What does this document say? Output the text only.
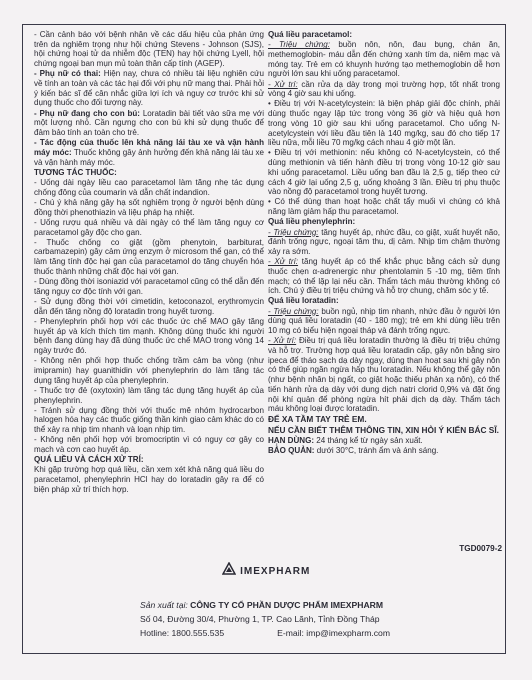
- Cần cảnh báo với bệnh nhân về các dấu hiệu của phản ứng trên da nghiêm trọng như hội chứng Stevens - Johnson (SJS), hội chứng hoại tử da nhiễm độc (TEN) hay hội chứng Lyell, hội chứng ngoại ban mụn mủ toàn thân cấp tính (AGEP).

- Phụ nữ có thai: Hiện nay, chưa có nhiều tài liệu nghiên cứu về tính an toàn và các tác hại đối với phụ nữ mang thai. Phải hỏi ý kiến bác sĩ để cân nhắc giữa lợi ích và nguy cơ trước khi sử dụng thuốc cho đối tượng này.

- Phụ nữ đang cho con bú: Loratadin bài tiết vào sữa mẹ với một lượng nhỏ. Cần ngưng cho con bú khi sử dụng thuốc để đảm bảo tính an toàn cho trẻ.

- Tác động của thuốc lên khả năng lái tàu xe và vận hành máy móc: Thuốc không gây ảnh hưởng đến khả năng lái tàu xe và vận hành máy móc.

TƯƠNG TÁC THUỐC:

- Uống dài ngày liều cao paracetamol làm tăng nhẹ tác dụng chống đông của coumarin và dẫn chất indandion.

- Chú ý khả năng gây hạ sốt nghiêm trọng ở người bệnh dùng đồng thời phenothiazin và liệu pháp hạ nhiệt.

- Uống rượu quá nhiều và dài ngày có thể làm tăng nguy cơ paracetamol gây độc cho gan.

- Thuốc chống co giật (gồm phenytoin, barbiturat, carbamazepin) gây cảm ứng enzym ở microsom thể gan, có thể làm tăng tính độc hại gan của paracetamol do tăng chuyển hóa thuốc thành những chất độc hại với gan.

- Dùng đồng thời isoniazid với paracetamol cũng có thể dẫn đến tăng nguy cơ độc tính với gan.

- Sử dụng đồng thời với cimetidin, ketoconazol, erythromycin dẫn đến tăng nồng độ loratadin trong huyết tương.

- Phenylephrin phối hợp với các thuốc ức chế MAO gây tăng huyết áp và kích thích tim mạnh. Không dùng thuốc khi người bệnh đang dùng hay đã dùng thuốc ức chế MAO trong vòng 14 ngày trước đó.

- Không nên phối hợp thuốc chống trầm cảm ba vòng (như imipramin) hay guanithidin với phenylephrin do làm tăng tác dụng tăng huyết áp của phenylephrin.

- Thuốc trợ đẻ (oxytoxin) làm tăng tác dụng tăng huyết áp của phenylephrin.

- Tránh sử dụng đồng thời với thuốc mê nhóm hydrocarbon halogen hóa hay các thuốc giống thần kinh giao cảm khác do có thể xảy ra nhịp tim nhanh và loạn nhịp tim.

- Không nên phối hợp với bromocriptin vì có nguy cơ gây co mạch và cơn cao huyết áp.

QUÁ LIỀU VÀ CÁCH XỬ TRÍ:

Khi gặp trường hợp quá liều, cần xem xét khả năng quá liều do paracetamol, phenylephrin HCl hay do loratadin gây ra để có biện pháp xử trí thích hợp.

Quá liều paracetamol:

- Triệu chứng: buồn nôn, nôn, đau bụng, chán ăn, methemoglobin- máu dẫn đến chứng xanh tím da, niêm mạc và móng tay. Trẻ em có khuynh hướng tạo methemoglobin dễ hơn người lớn sau khi uống paracetamol.

- Xử trí: cần rửa dạ dày trong mọi trường hợp, tốt nhất trong vòng 4 giờ sau khi uống.

• Điều trị với N-acetylcystein: là biện pháp giải độc chính, phải dùng thuốc ngay lập tức trong vòng 36 giờ và hiệu quả hơn trong vòng 10 giờ sau khi uống paracetamol. Cho uống N-acetylcystein với liều đầu tiên là 140 mg/kg, sau đó cho tiếp 17 liều nữa, mỗi liều 70 mg/kg cách nhau 4 giờ một lần.

• Điều trị với methionin: nếu không có N-acetylcystein, có thể dùng methionin và tiến hành điều trị trong vòng 10-12 giờ sau khi uống paracetamol. Liều uống ban đầu là 2,5 g, tiếp theo cứ cách 4 giờ lại uống 2,5 g, uống khoảng 3 lần. Điều trị phụ thuộc vào nồng độ paracetamol trong huyết tương.

• Có thể dùng than hoạt hoặc chất tẩy muối vì chúng có khả năng làm giảm hấp thu paracetamol.

Quá liều phenylephrin:

- Triệu chứng: tăng huyết áp, nhức đầu, co giật, xuất huyết não, đánh trống ngực, ngoại tâm thu, dị cảm. Nhịp tim chậm thường xảy ra sớm.

- Xử trí: tăng huyết áp có thể khắc phục bằng cách sử dụng thuốc chẹn α-adrenergic như phentolamin 5 -10 mg, tiêm tĩnh mạch; có thể lặp lại nếu cần. Thẩm tách máu thường không có ích. Chú ý điều trị triệu chứng và hỗ trợ chung, chăm sóc y tế.

Quá liều loratadin:

- Triệu chứng: buồn ngủ, nhịp tim nhanh, nhức đầu ở người lớn dùng quá liều loratadin (40 - 180 mg); trẻ em khi dùng liều trên 10 mg có biểu hiện ngoại tháp và đánh trống ngực.

- Xử trí: Điều trị quá liều loratadin thường là điều trị triệu chứng và hỗ trợ. Trường hợp quá liều loratadin cấp, gây nôn bằng siro ipeca để tháo sạch dạ dày ngay, dùng than hoạt sau khi gây nôn có thể giúp ngăn ngừa hấp thu loratadin. Nếu không thể gây nôn (như bệnh nhân bị ngất, co giật hoặc thiếu phản xạ nôn), có thể tiến hành rửa dạ dày với dung dịch natri clorid 0,9% và đặt ống nội khí quản để phòng ngừa hít phải dịch dạ dày. Thẩm tách máu không loại được loratadin.

ĐỂ XA TẦM TAY TRẺ EM.

NẾU CẦN BIẾT THÊM THÔNG TIN, XIN HỎI Ý KIẾN BÁC SĨ.

HẠN DÙNG: 24 tháng kể từ ngày sản xuất.

BẢO QUẢN: dưới 30°C, tránh ẩm và ánh sáng.

TGD0079-2
IMEXPHARM
Sản xuất tại: CÔNG TY CỔ PHẦN DƯỢC PHẨM IMEXPHARM
Số 04, Đường 30/4, Phường 1, TP. Cao Lãnh, Tỉnh Đồng Tháp
Hotline: 1800.555.535	E-mail: imp@imexpharm.com
